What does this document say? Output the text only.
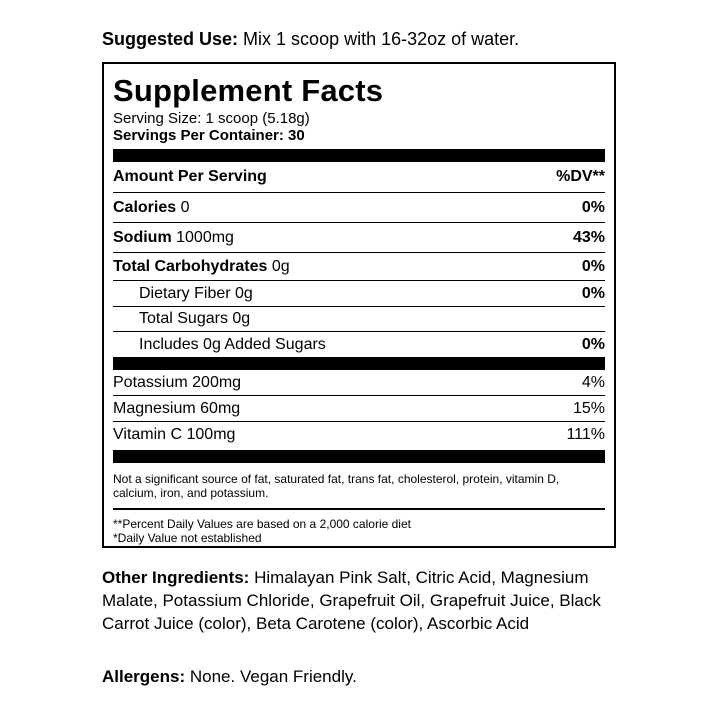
Suggested Use: Mix 1 scoop with 16-32oz of water.
Supplement Facts
Serving Size: 1 scoop (5.18g)
Servings Per Container: 30
Amount Per Serving	%DV**
Calories 0	0%
Sodium 1000mg	43%
Total Carbohydrates 0g	0%
Dietary Fiber 0g	0%
Total Sugars 0g
Includes 0g Added Sugars	0%
Potassium 200mg	4%
Magnesium 60mg	15%
Vitamin C 100mg	111%
Not a significant source of fat, saturated fat, trans fat, cholesterol, protein, vitamin D, calcium, iron, and potassium.
**Percent Daily Values are based on a 2,000 calorie diet
*Daily Value not established
Other Ingredients: Himalayan Pink Salt, Citric Acid, Magnesium Malate, Potassium Chloride, Grapefruit Oil, Grapefruit Juice, Black Carrot Juice (color), Beta Carotene (color), Ascorbic Acid
Allergens: None. Vegan Friendly.
